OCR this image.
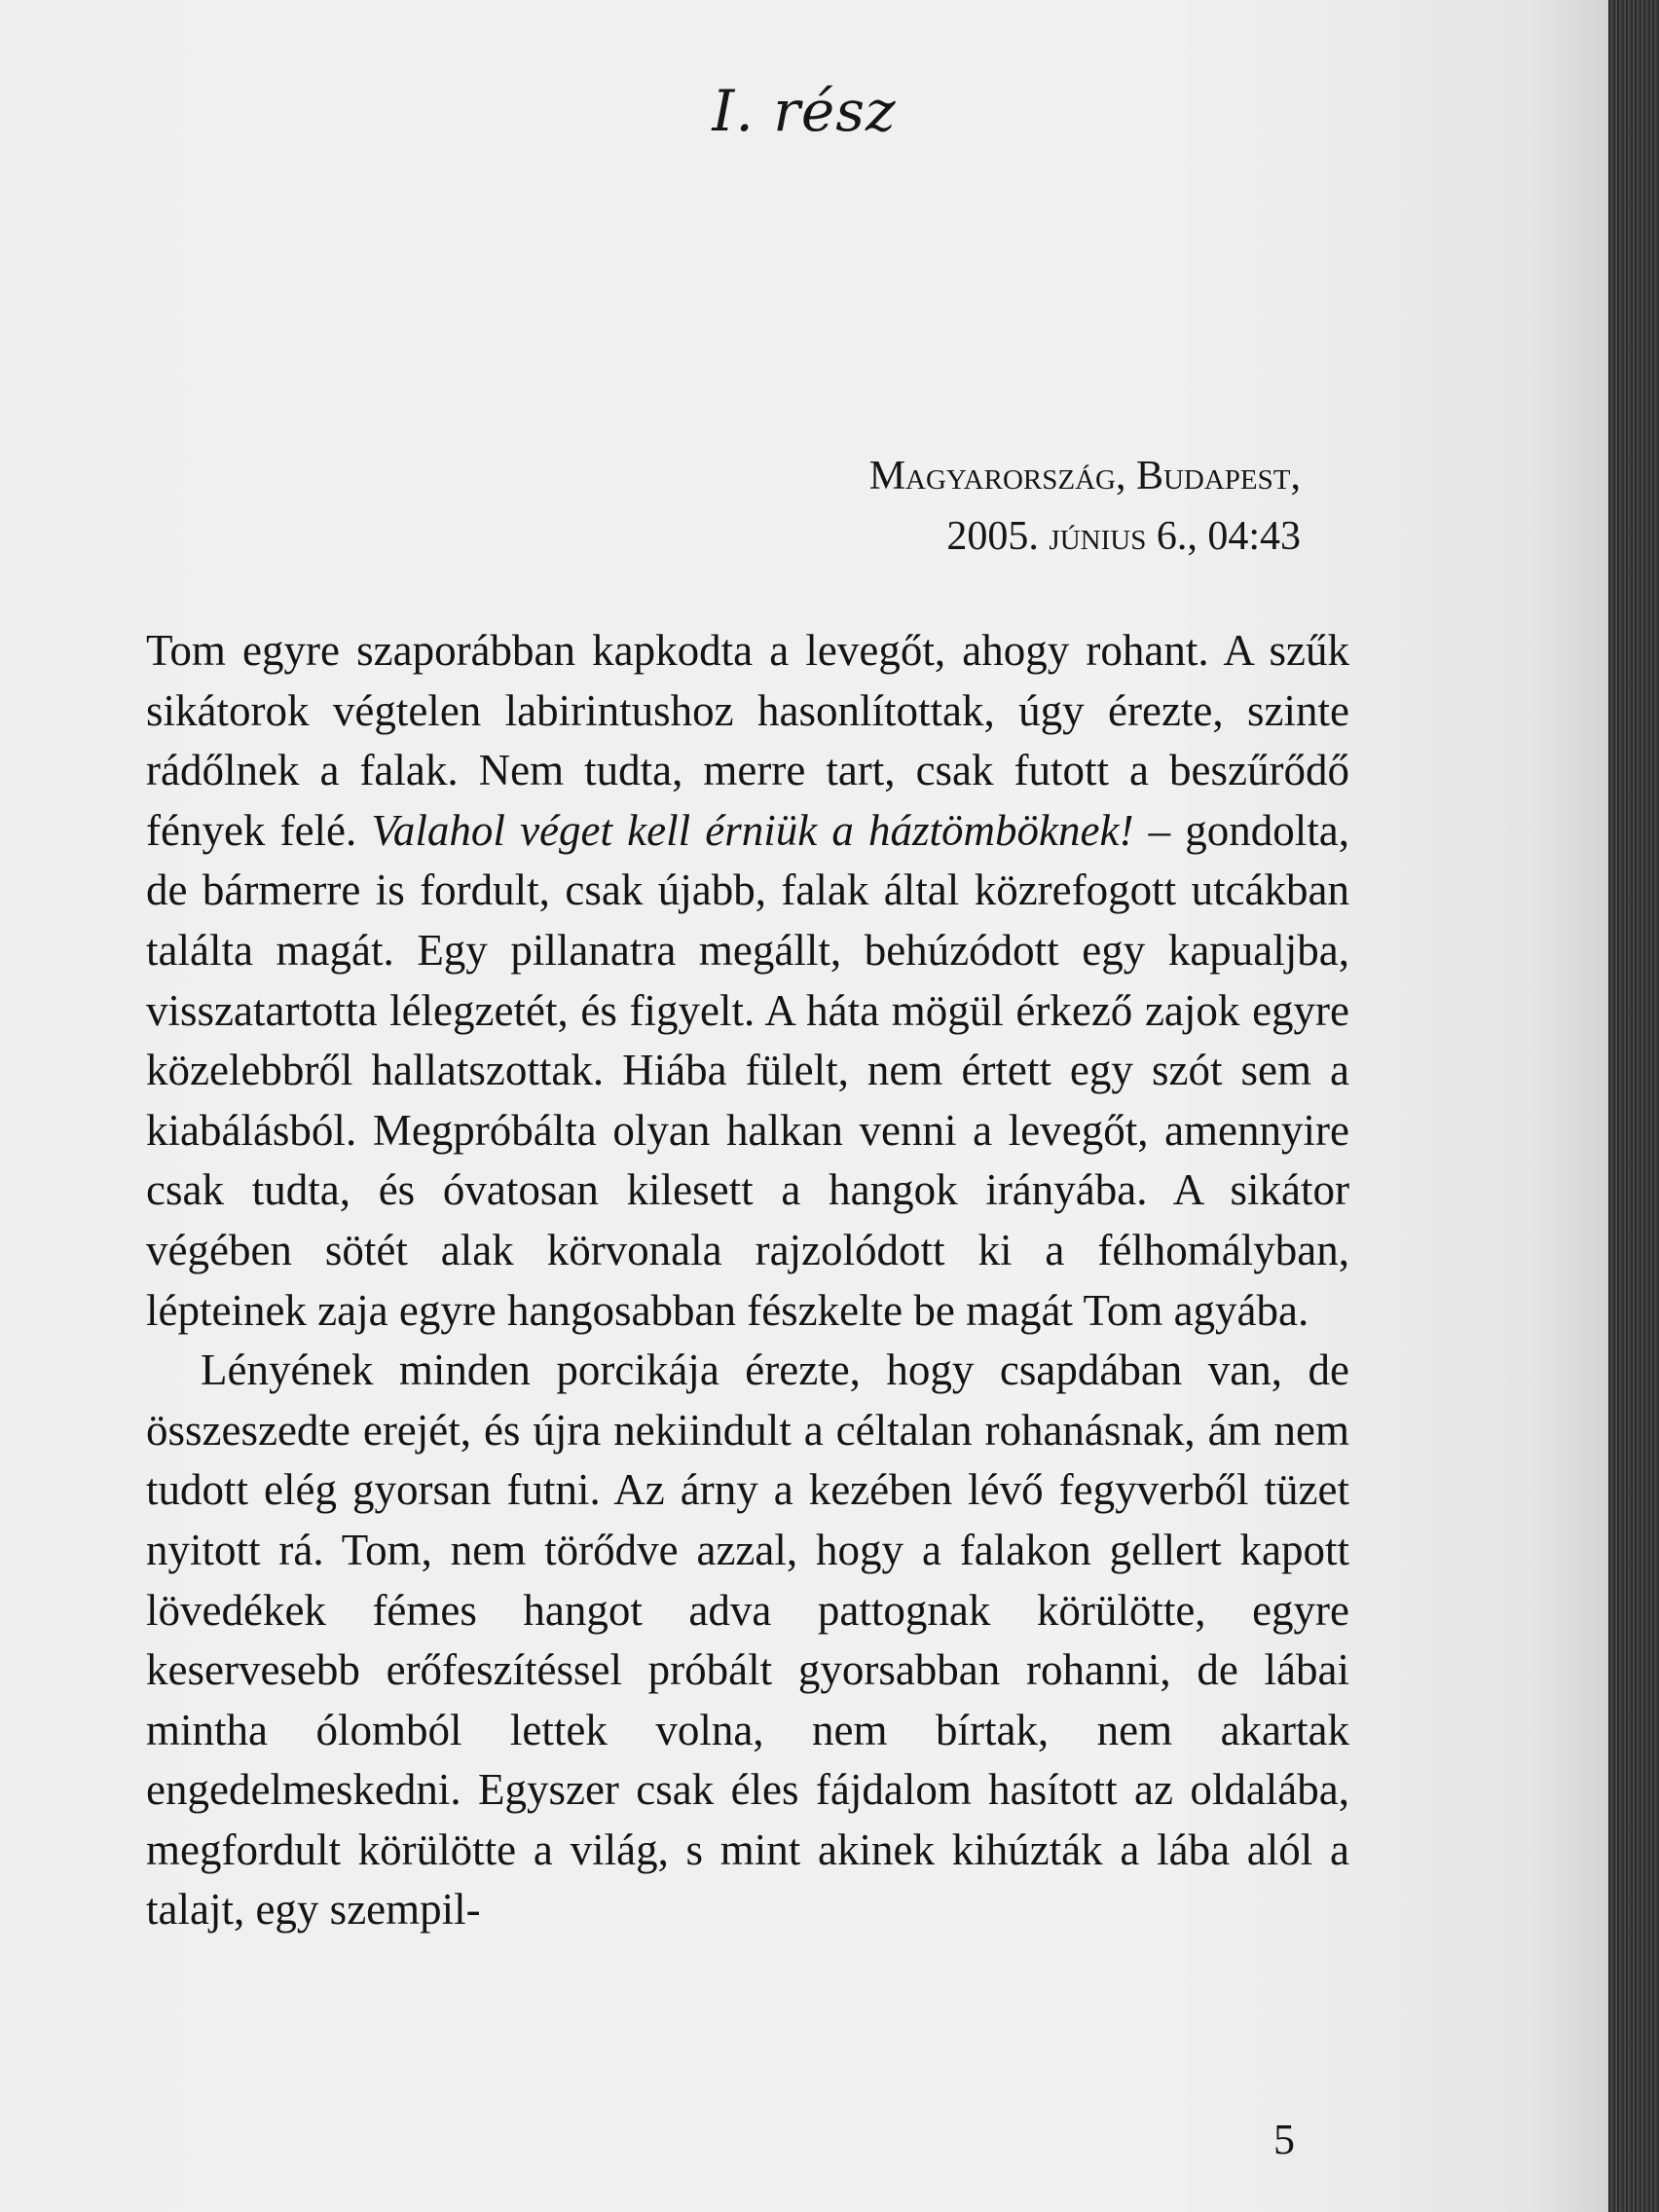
I. rész
Magyarország, Budapest,
2005. június 6., 04:43

Tom egyre szaporábban kapkodta a levegőt, ahogy rohant. A szűk sikátorok végtelen labirintushoz hasonlítottak, úgy érezte, szinte rádőlnek a falak. Nem tudta, merre tart, csak futott a beszűrődő fények felé. Valahol véget kell érniük a háztömböknek! – gondolta, de bármerre is fordult, csak újabb, falak által közrefogott utcákban találta magát. Egy pillanatra megállt, behúzódott egy kapualjba, visszatartotta lélegzetét, és figyelt. A háta mögül érkező zajok egyre közelebbről hallatszottak. Hiába fülelt, nem értett egy szót sem a kiabálásból. Megpróbálta olyan halkan venni a levegőt, amennyire csak tudta, és óvatosan kilesett a hangok irányába. A sikátor végében sötét alak körvonala rajzolódott ki a félhomályban, lépteinek zaja egyre hangosabban fészkelte be magát Tom agyába.

Lényének minden porcikája érezte, hogy csapdában van, de összeszedte erejét, és újra nekiindult a céltalan rohanásnak, ám nem tudott elég gyorsan futni. Az árny a kezében lévő fegyverből tüzet nyitott rá. Tom, nem törődve azzal, hogy a falakon gellert kapott lövedékek fémes hangot adva pattognak körülötte, egyre keservesebb erőfeszítéssel próbált gyorsabban rohanni, de lábai mintha ólomból lettek volna, nem bírtak, nem akartak engedelmeskedni. Egyszer csak éles fájdalom hasított az oldalába, megfordult körülötte a világ, s mint akinek kihúzták a lába alól a talajt, egy szempil-

5
